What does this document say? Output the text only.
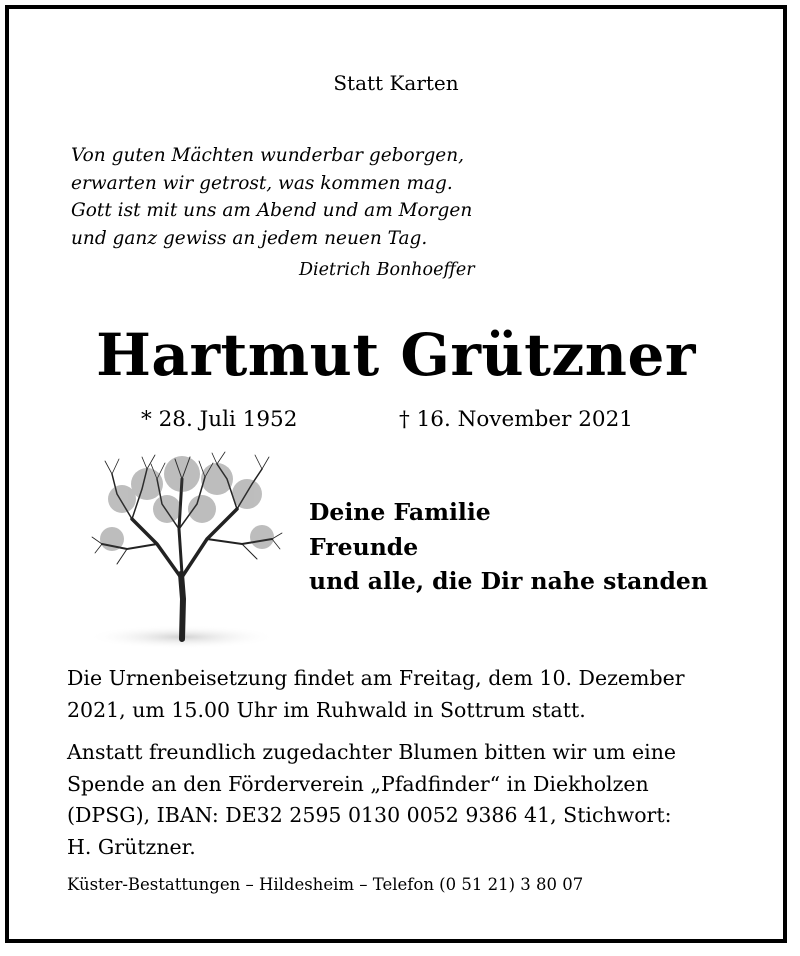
Statt Karten
Von guten Mächten wunderbar geborgen,
erwarten wir getrost, was kommen mag.
Gott ist mit uns am Abend und am Morgen
und ganz gewiss an jedem neuen Tag.
Dietrich Bonhoeffer
Hartmut Grützner
* 28. Juli 1952	† 16. November 2021
Deine Familie
Freunde
und alle, die Dir nahe standen
Die Urnenbeisetzung findet am Freitag, dem 10. Dezember
2021, um 15.00 Uhr im Ruhwald in Sottrum statt.
Anstatt freundlich zugedachter Blumen bitten wir um eine
Spende an den Förderverein „Pfadfinder“ in Diekholzen
(DPSG), IBAN: DE32 2595 0130 0052 9386 41, Stichwort:
H. Grützner.
Küster-Bestattungen – Hildesheim – Telefon (0 51 21) 3 80 07
